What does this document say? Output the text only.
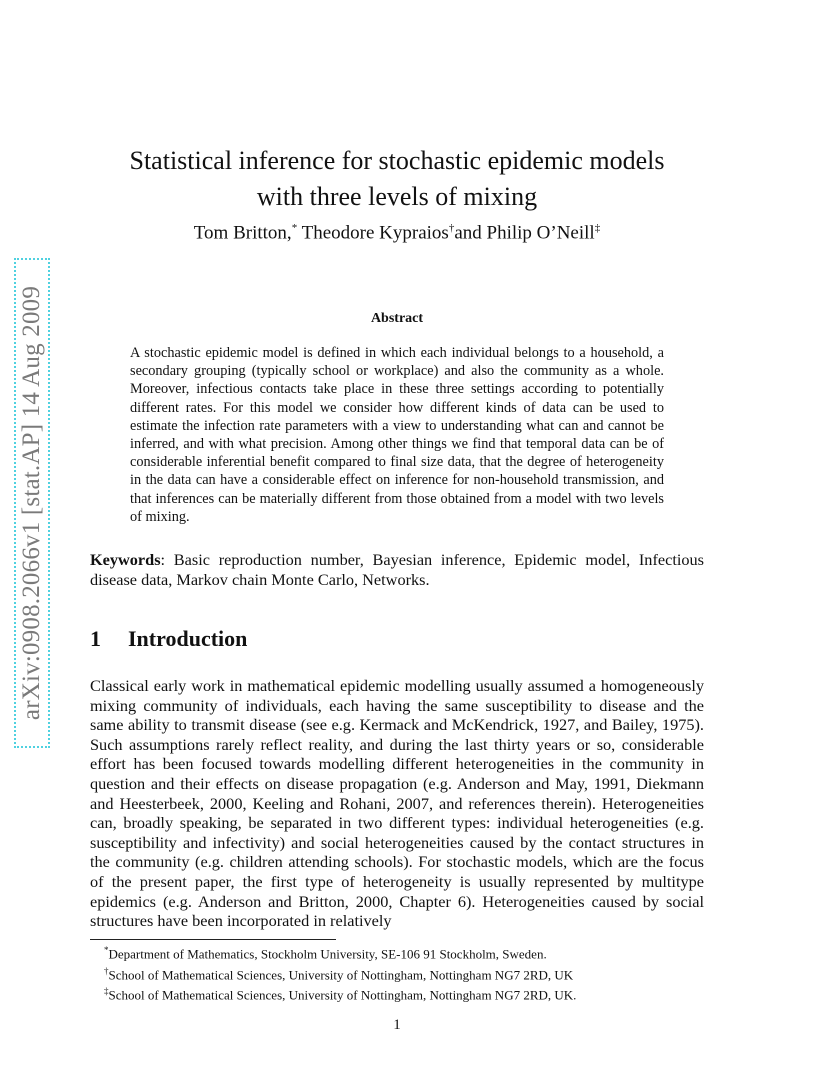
arXiv:0908.2066v1 [stat.AP] 14 Aug 2009
Statistical inference for stochastic epidemic models
with three levels of mixing
Tom Britton,* Theodore Kypraios†and Philip O’Neill‡
Abstract

A stochastic epidemic model is defined in which each individual belongs to a household, a secondary grouping (typically school or workplace) and also the community as a whole. Moreover, infectious contacts take place in these three settings according to potentially different rates. For this model we consider how different kinds of data can be used to estimate the infection rate parameters with a view to understanding what can and cannot be inferred, and with what precision. Among other things we find that temporal data can be of considerable inferential benefit compared to final size data, that the degree of heterogeneity in the data can have a considerable effect on inference for non-household transmission, and that inferences can be materially different from those obtained from a model with two levels of mixing.

Keywords: Basic reproduction number, Bayesian inference, Epidemic model, Infectious disease data, Markov chain Monte Carlo, Networks.

1 Introduction

Classical early work in mathematical epidemic modelling usually assumed a homogeneously mixing community of individuals, each having the same susceptibility to disease and the same ability to transmit disease (see e.g. Kermack and McKendrick, 1927, and Bailey, 1975). Such assumptions rarely reflect reality, and during the last thirty years or so, considerable effort has been focused towards modelling different heterogeneities in the community in question and their effects on disease propagation (e.g. Anderson and May, 1991, Diekmann and Heesterbeek, 2000, Keeling and Rohani, 2007, and references therein). Heterogeneities can, broadly speaking, be separated in two different types: individual heterogeneities (e.g. susceptibility and infectivity) and social heterogeneities caused by the contact structures in the community (e.g. children attending schools). For stochastic models, which are the focus of the present paper, the first type of heterogeneity is usually represented by multitype epidemics (e.g. Anderson and Britton, 2000, Chapter 6). Heterogeneities caused by social structures have been incorporated in relatively

*Department of Mathematics, Stockholm University, SE-106 91 Stockholm, Sweden.
†School of Mathematical Sciences, University of Nottingham, Nottingham NG7 2RD, UK
‡School of Mathematical Sciences, University of Nottingham, Nottingham NG7 2RD, UK.
1
